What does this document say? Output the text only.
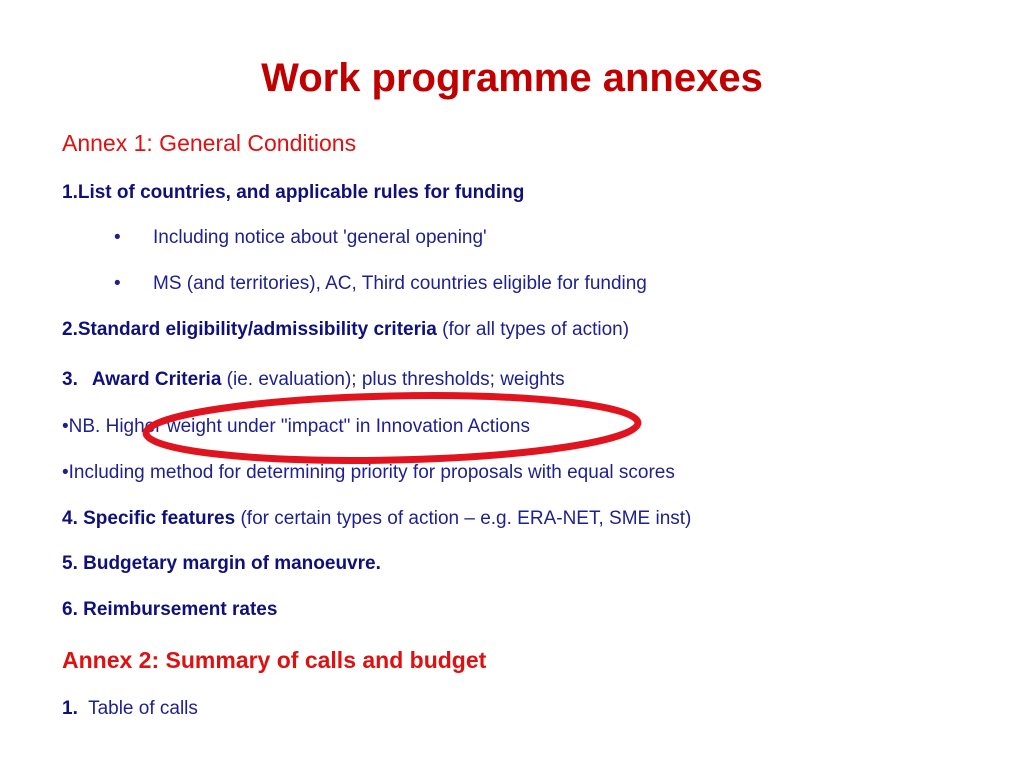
Work programme annexes
Annex 1: General Conditions
1.List of countries, and applicable rules for funding
• Including notice about 'general opening'
• MS (and territories), AC, Third countries eligible for funding
2.Standard eligibility/admissibility criteria (for all types of action)
3. Award Criteria (ie. evaluation); plus thresholds; weights
•NB. Higher weight under "impact" in Innovation Actions
•Including method for determining priority for proposals with equal scores
4. Specific features (for certain types of action – e.g. ERA-NET, SME inst)
5. Budgetary margin of manoeuvre.
6. Reimbursement rates
Annex 2: Summary of calls and budget
1.  Table of calls
